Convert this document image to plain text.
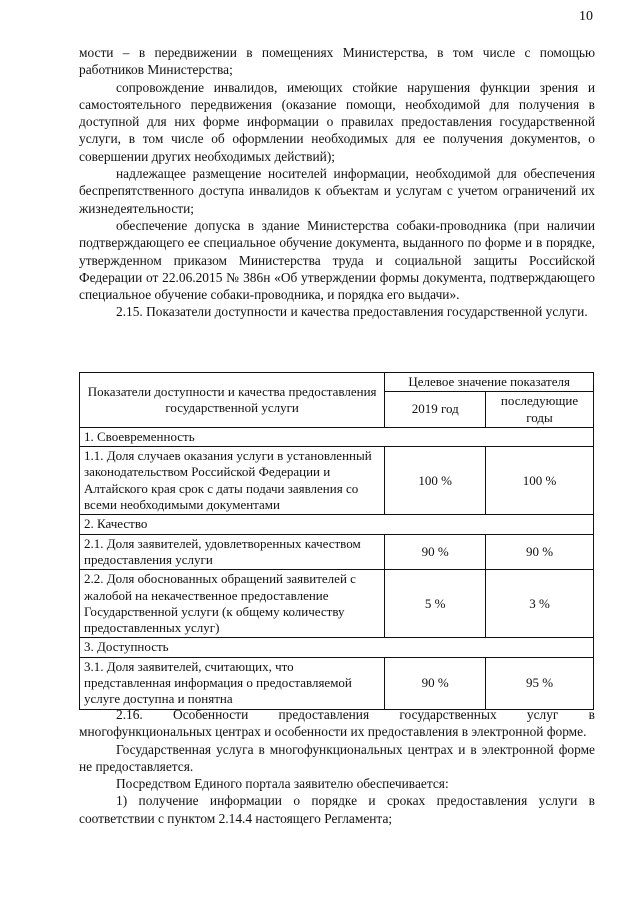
10

мости – в передвижении в помещениях Министерства, в том числе с помощью работников Министерства;

сопровождение инвалидов, имеющих стойкие нарушения функции зрения и самостоятельного передвижения (оказание помощи, необходимой для получения в доступной для них форме информации о правилах предоставления государственной услуги, в том числе об оформлении необходимых для ее получения документов, о совершении других необходимых действий);

надлежащее размещение носителей информации, необходимой для обеспечения беспрепятственного доступа инвалидов к объектам и услугам с учетом ограничений их жизнедеятельности;

обеспечение допуска в здание Министерства собаки-проводника (при наличии подтверждающего ее специальное обучение документа, выданного по форме и в порядке, утвержденном приказом Министерства труда и социальной защиты Российской Федерации от 22.06.2015 № 386н «Об утверждении формы документа, подтверждающего специальное обучение собаки-проводника, и порядка его выдачи».

2.15. Показатели доступности и качества предоставления государственной услуги.

Показатели доступности и качества предоставления государственной услуги	Целевое значение показателя	
	2019 год	последующие годы
1. Своевременность		
1.1. Доля случаев оказания услуги в установленный законодательством Российской Федерации и Алтайского края срок с даты подачи заявления со всеми необходимыми документами	100 %	100 %
2. Качество		
2.1. Доля заявителей, удовлетворенных качеством предоставления услуги	90 %	90 %
2.2. Доля обоснованных обращений заявителей с жалобой на некачественное предоставление Государственной услуги (к общему количеству предоставленных услуг)	5 %	3 %
3. Доступность		
3.1. Доля заявителей, считающих, что представленная информация о предоставляемой услуге доступна и понятна	90 %	95 %

2.16. Особенности предоставления государственных услуг в многофункциональных центрах и особенности их предоставления в электронной форме.

Государственная услуга в многофункциональных центрах и в электронной форме не предоставляется.

Посредством Единого портала заявителю обеспечивается:

1) получение информации о порядке и сроках предоставления услуги в соответствии с пунктом 2.14.4 настоящего Регламента;
